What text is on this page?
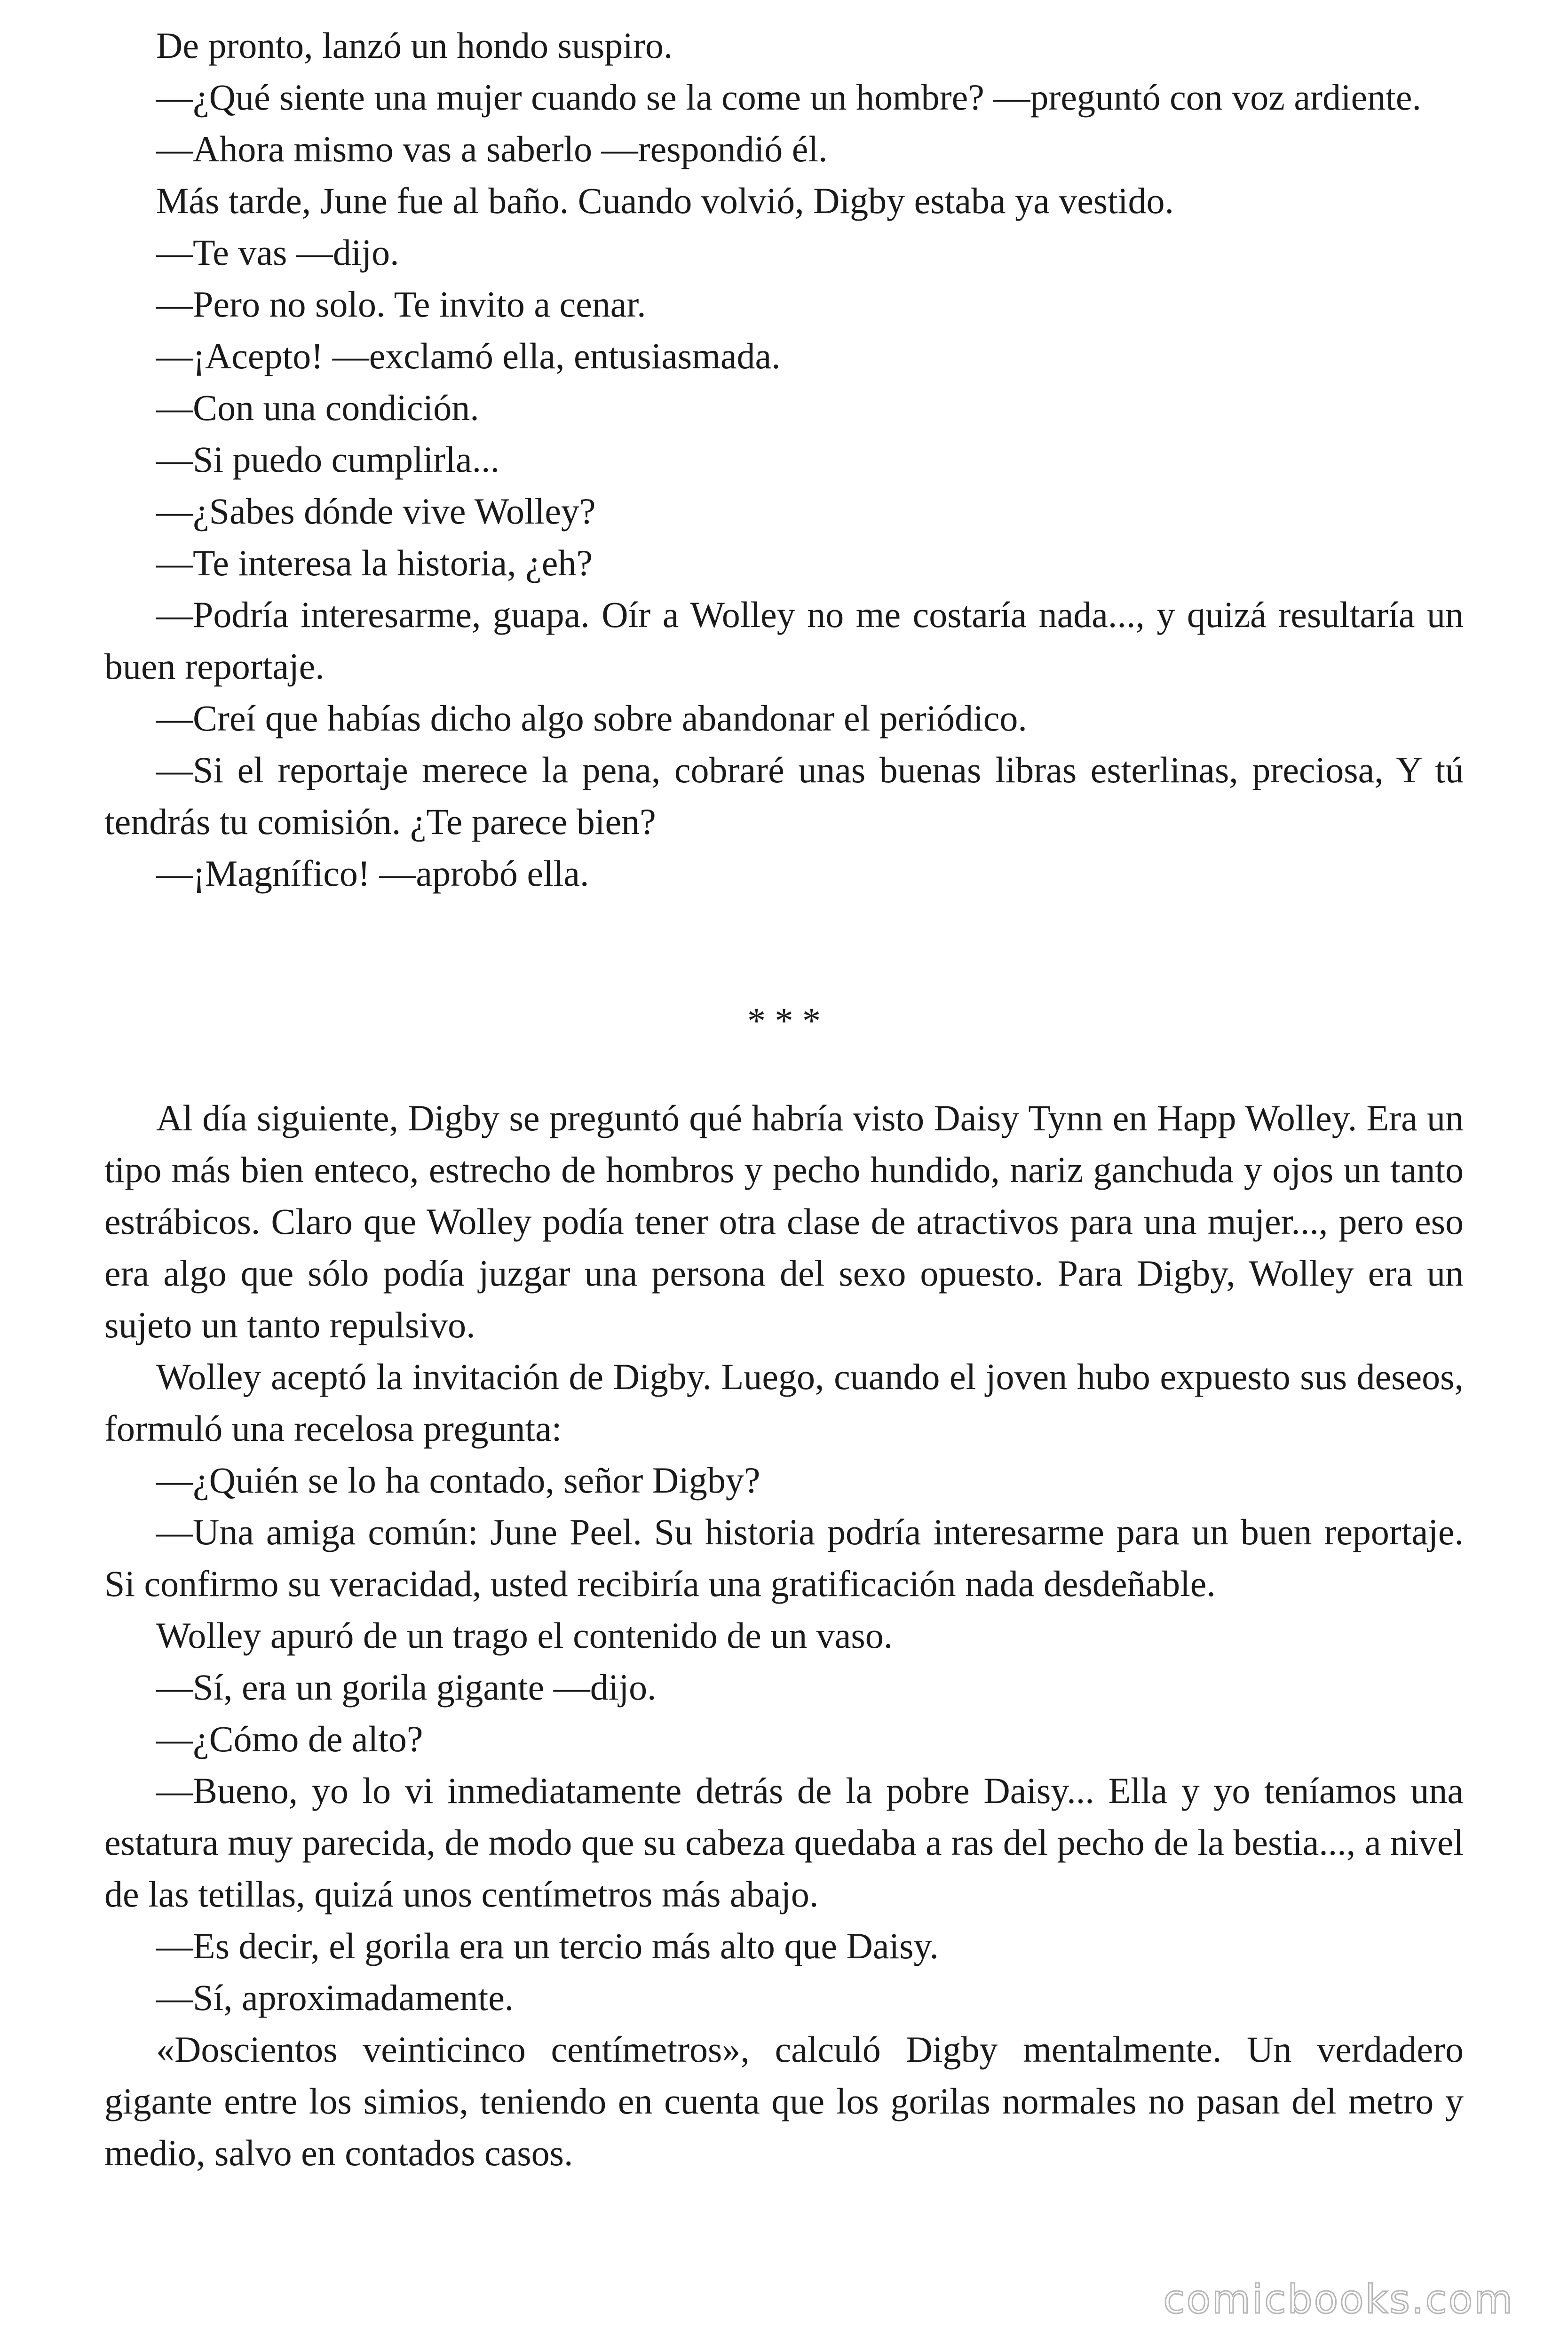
De pronto, lanzó un hondo suspiro.

—¿Qué siente una mujer cuando se la come un hombre? —preguntó con voz ardiente.

—Ahora mismo vas a saberlo —respondió él.

Más tarde, June fue al baño. Cuando volvió, Digby estaba ya vestido.

—Te vas —dijo.

—Pero no solo. Te invito a cenar.

—¡Acepto! —exclamó ella, entusiasmada.

—Con una condición.

—Si puedo cumplirla...

—¿Sabes dónde vive Wolley?

—Te interesa la historia, ¿eh?

—Podría interesarme, guapa. Oír a Wolley no me costaría nada..., y quizá resultaría un buen reportaje.

—Creí que habías dicho algo sobre abandonar el periódico.

—Si el reportaje merece la pena, cobraré unas buenas libras esterlinas, preciosa, Y tú tendrás tu comisión. ¿Te parece bien?

—¡Magnífico! —aprobó ella.

* * *

Al día siguiente, Digby se preguntó qué habría visto Daisy Tynn en Happ Wolley. Era un tipo más bien enteco, estrecho de hombros y pecho hundido, nariz ganchuda y ojos un tanto estrábicos. Claro que Wolley podía tener otra clase de atractivos para una mujer..., pero eso era algo que sólo podía juzgar una persona del sexo opuesto. Para Digby, Wolley era un sujeto un tanto repulsivo.

Wolley aceptó la invitación de Digby. Luego, cuando el joven hubo expuesto sus deseos, formuló una recelosa pregunta:

—¿Quién se lo ha contado, señor Digby?

—Una amiga común: June Peel. Su historia podría interesarme para un buen reportaje. Si confirmo su veracidad, usted recibiría una gratificación nada desdeñable.

Wolley apuró de un trago el contenido de un vaso.

—Sí, era un gorila gigante —dijo.

—¿Cómo de alto?

—Bueno, yo lo vi inmediatamente detrás de la pobre Daisy... Ella y yo teníamos una estatura muy parecida, de modo que su cabeza quedaba a ras del pecho de la bestia..., a nivel de las tetillas, quizá unos centímetros más abajo.

—Es decir, el gorila era un tercio más alto que Daisy.

—Sí, aproximadamente.

«Doscientos veinticinco centímetros», calculó Digby mentalmente. Un verdadero gigante entre los simios, teniendo en cuenta que los gorilas normales no pasan del metro y medio, salvo en contados casos.

comicbooks.com
